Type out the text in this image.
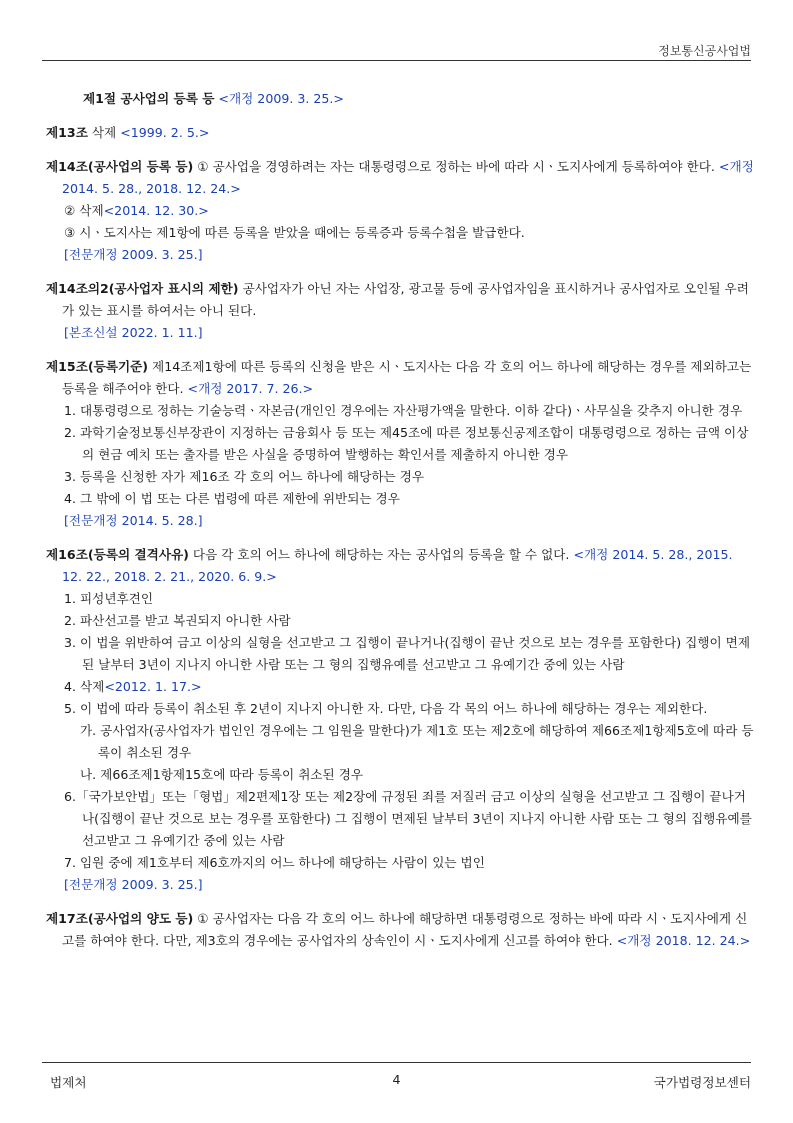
정보통신공사업법

제1절 공사업의 등록 등 <개정 2009. 3. 25.>

제13조 삭제 <1999. 2. 5.>

제14조(공사업의 등록 등) ① 공사업을 경영하려는 자는 대통령령으로 정하는 바에 따라 시ㆍ도지사에게 등록하여야 한다. <개정 2014. 5. 28., 2018. 12. 24.>

② 삭제<2014. 12. 30.>

③ 시ㆍ도지사는 제1항에 따른 등록을 받았을 때에는 등록증과 등록수첩을 발급한다.

[전문개정 2009. 3. 25.]

제14조의2(공사업자 표시의 제한) 공사업자가 아닌 자는 사업장, 광고물 등에 공사업자임을 표시하거나 공사업자로 오인될 우려가 있는 표시를 하여서는 아니 된다.

[본조신설 2022. 1. 11.]

제15조(등록기준) 제14조제1항에 따른 등록의 신청을 받은 시ㆍ도지사는 다음 각 호의 어느 하나에 해당하는 경우를 제외하고는 등록을 해주어야 한다. <개정 2017. 7. 26.>

1. 대통령령으로 정하는 기술능력ㆍ자본금(개인인 경우에는 자산평가액을 말한다. 이하 같다)ㆍ사무실을 갖추지 아니한 경우

2. 과학기술정보통신부장관이 지정하는 금융회사 등 또는 제45조에 따른 정보통신공제조합이 대통령령으로 정하는 금액 이상의 현금 예치 또는 출자를 받은 사실을 증명하여 발행하는 확인서를 제출하지 아니한 경우

3. 등록을 신청한 자가 제16조 각 호의 어느 하나에 해당하는 경우

4. 그 밖에 이 법 또는 다른 법령에 따른 제한에 위반되는 경우

[전문개정 2014. 5. 28.]

제16조(등록의 결격사유) 다음 각 호의 어느 하나에 해당하는 자는 공사업의 등록을 할 수 없다. <개정 2014. 5. 28., 2015. 12. 22., 2018. 2. 21., 2020. 6. 9.>

1. 피성년후견인

2. 파산선고를 받고 복권되지 아니한 사람

3. 이 법을 위반하여 금고 이상의 실형을 선고받고 그 집행이 끝나거나(집행이 끝난 것으로 보는 경우를 포함한다) 집행이 면제된 날부터 3년이 지나지 아니한 사람 또는 그 형의 집행유예를 선고받고 그 유예기간 중에 있는 사람

4. 삭제<2012. 1. 17.>

5. 이 법에 따라 등록이 취소된 후 2년이 지나지 아니한 자. 다만, 다음 각 목의 어느 하나에 해당하는 경우는 제외한다.

가. 공사업자(공사업자가 법인인 경우에는 그 임원을 말한다)가 제1호 또는 제2호에 해당하여 제66조제1항제5호에 따라 등록이 취소된 경우

나. 제66조제1항제15호에 따라 등록이 취소된 경우

6.「국가보안법」또는「형법」제2편제1장 또는 제2장에 규정된 죄를 저질러 금고 이상의 실형을 선고받고 그 집행이 끝나거나(집행이 끝난 것으로 보는 경우를 포함한다) 그 집행이 면제된 날부터 3년이 지나지 아니한 사람 또는 그 형의 집행유예를 선고받고 그 유예기간 중에 있는 사람

7. 임원 중에 제1호부터 제6호까지의 어느 하나에 해당하는 사람이 있는 법인

[전문개정 2009. 3. 25.]

제17조(공사업의 양도 등) ① 공사업자는 다음 각 호의 어느 하나에 해당하면 대통령령으로 정하는 바에 따라 시ㆍ도지사에게 신고를 하여야 한다. 다만, 제3호의 경우에는 공사업자의 상속인이 시ㆍ도지사에게 신고를 하여야 한다. <개정 2018. 12. 24.>

법제처	4	국가법령정보센터
